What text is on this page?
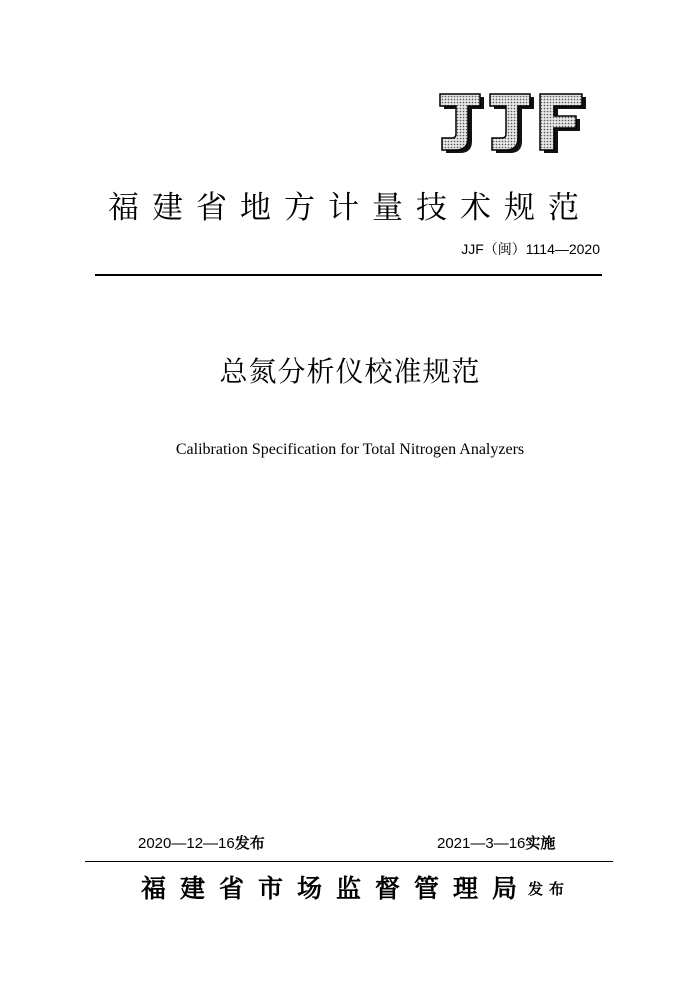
福建省地方计量技术规范
JJF（闽）1114—2020
总氮分析仪校准规范
Calibration Specification for Total Nitrogen Analyzers
2020—12—16发布	2021—3—16实施
福建省市场监督管理局
发布
